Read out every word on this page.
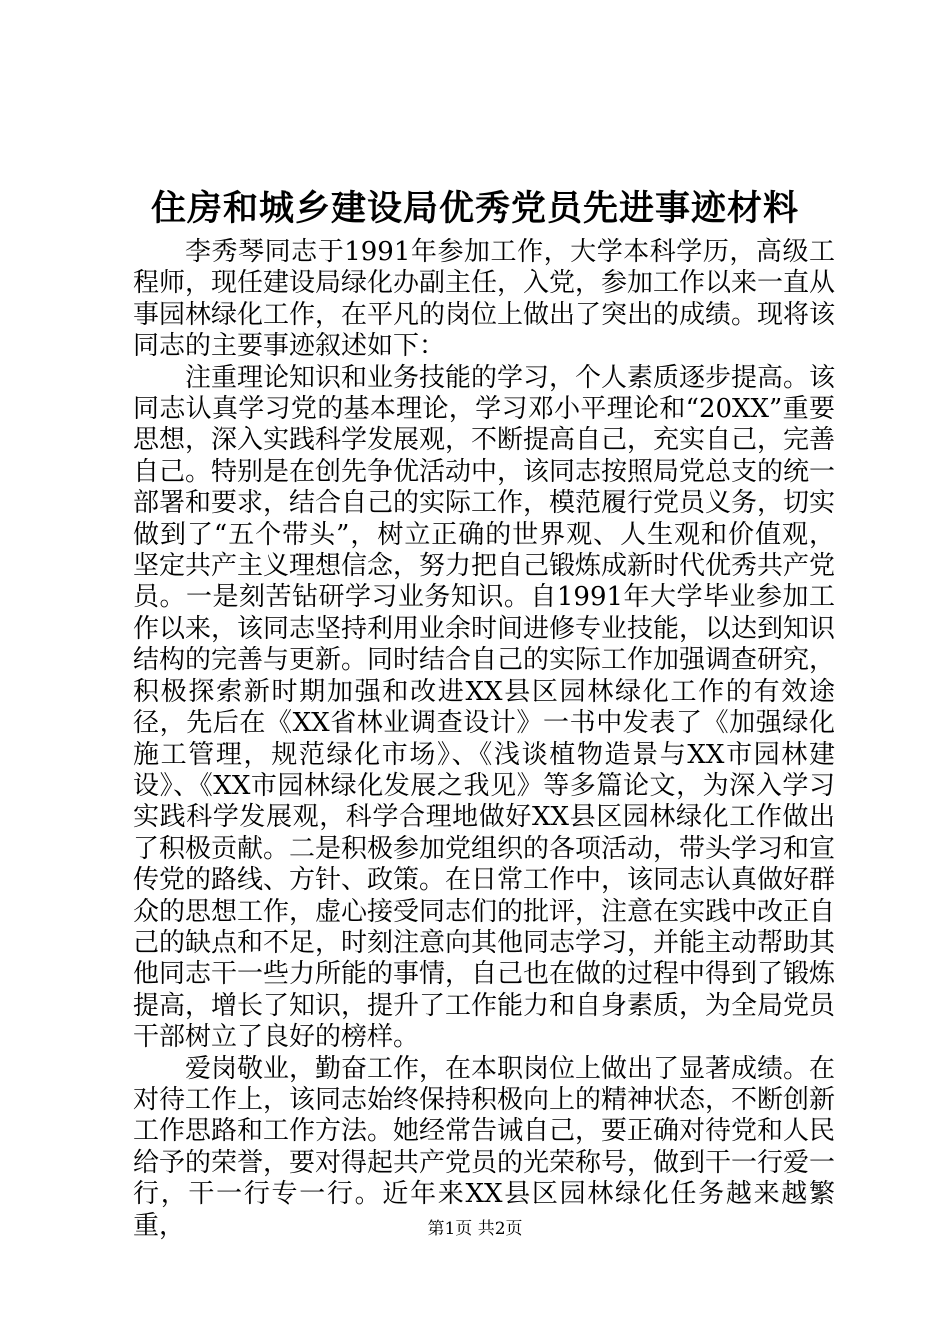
住房和城乡建设局优秀党员先进事迹材料

李秀琴同志于1991年参加工作，大学本科学历，高级工程师，现任建设局绿化办副主任，入党，参加工作以来一直从事园林绿化工作，在平凡的岗位上做出了突出的成绩。现将该同志的主要事迹叙述如下：

注重理论知识和业务技能的学习，个人素质逐步提高。该同志认真学习党的基本理论，学习邓小平理论和“20XX”重要思想，深入实践科学发展观，不断提高自己，充实自己，完善自己。特别是在创先争优活动中，该同志按照局党总支的统一部署和要求，结合自己的实际工作，模范履行党员义务，切实做到了“五个带头”，树立正确的世界观、人生观和价值观，坚定共产主义理想信念，努力把自己锻炼成新时代优秀共产党员。一是刻苦钻研学习业务知识。自1991年大学毕业参加工作以来，该同志坚持利用业余时间进修专业技能，以达到知识结构的完善与更新。同时结合自己的实际工作加强调查研究，积极探索新时期加强和改进XX县区园林绿化工作的有效途径，先后在《XX省林业调查设计》一书中发表了《加强绿化施工管理，规范绿化市场》、《浅谈植物造景与XX市园林建设》、《XX市园林绿化发展之我见》等多篇论文，为深入学习实践科学发展观，科学合理地做好XX县区园林绿化工作做出了积极贡献。二是积极参加党组织的各项活动，带头学习和宣传党的路线、方针、政策。在日常工作中，该同志认真做好群众的思想工作，虚心接受同志们的批评，注意在实践中改正自己的缺点和不足，时刻注意向其他同志学习，并能主动帮助其他同志干一些力所能的事情，自己也在做的过程中得到了锻炼提高，增长了知识，提升了工作能力和自身素质，为全局党员干部树立了良好的榜样。

爱岗敬业，勤奋工作，在本职岗位上做出了显著成绩。在对待工作上，该同志始终保持积极向上的精神状态，不断创新工作思路和工作方法。她经常告诫自己，要正确对待党和人民给予的荣誉，要对得起共产党员的光荣称号，做到干一行爱一行，干一行专一行。近年来XX县区园林绿化任务越来越繁重，	第1页 共2页
